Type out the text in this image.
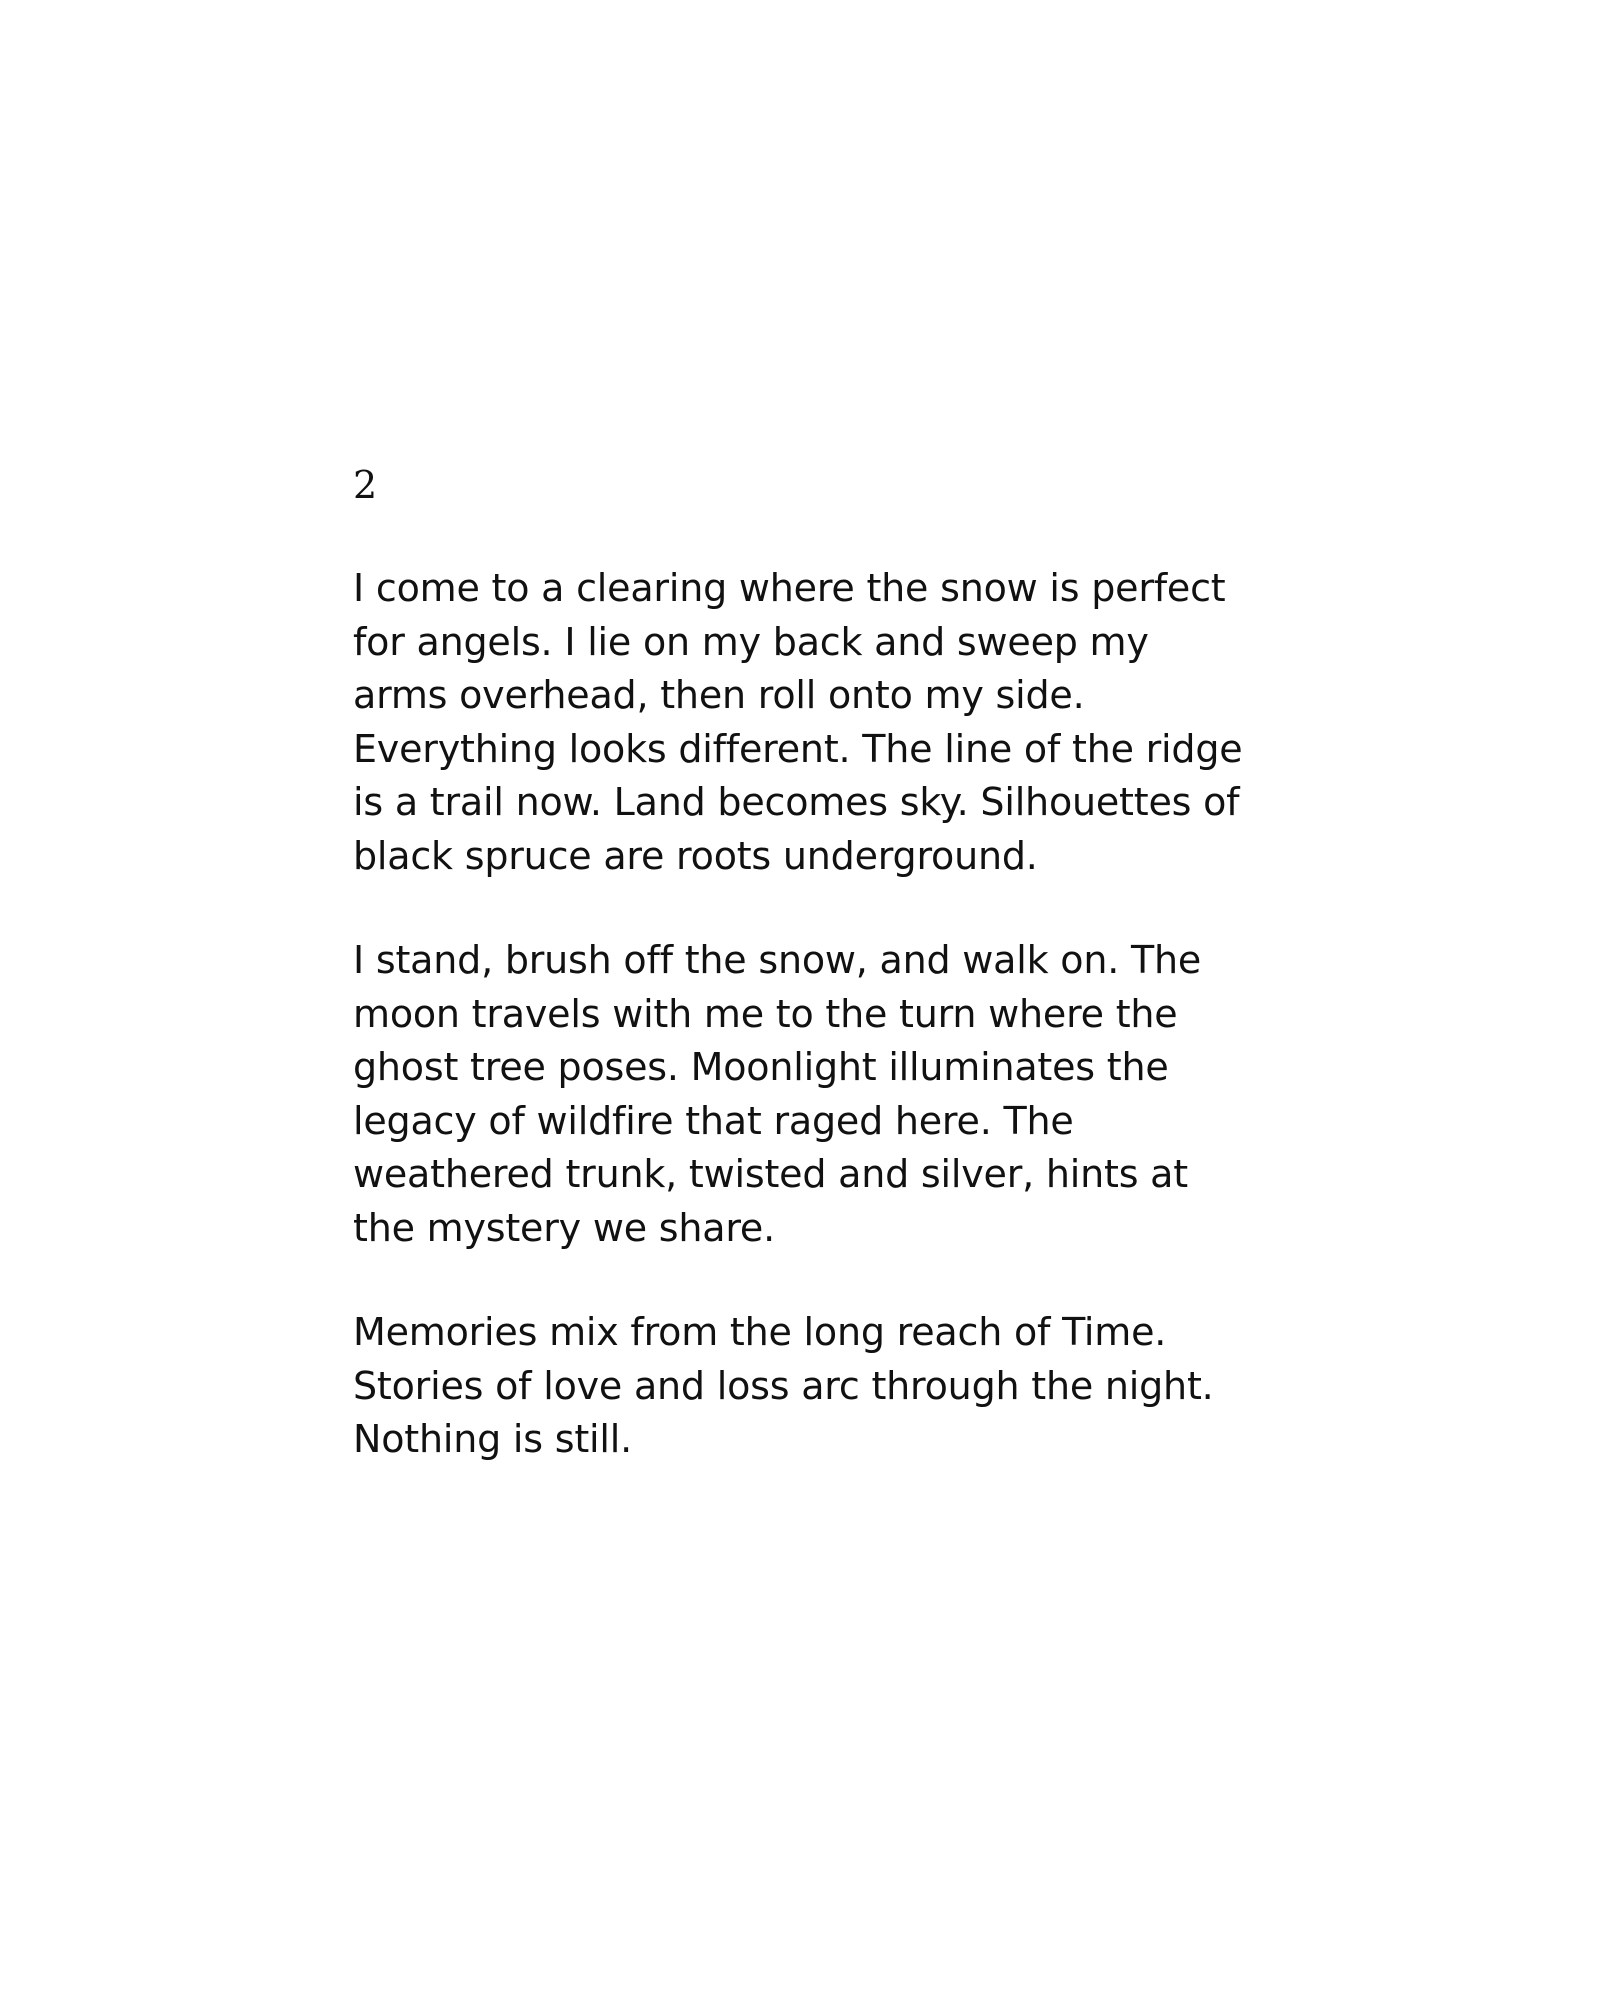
2
I come to a clearing where the snow is perfect
for angels. I lie on my back and sweep my
arms overhead, then roll onto my side.
Everything looks different. The line of the ridge
is a trail now. Land becomes sky. Silhouettes of
black spruce are roots underground.
I stand, brush off the snow, and walk on. The
moon travels with me to the turn where the
ghost tree poses. Moonlight illuminates the
legacy of wildfire that raged here. The
weathered trunk, twisted and silver, hints at
the mystery we share.
Memories mix from the long reach of Time.
Stories of love and loss arc through the night.
Nothing is still.
